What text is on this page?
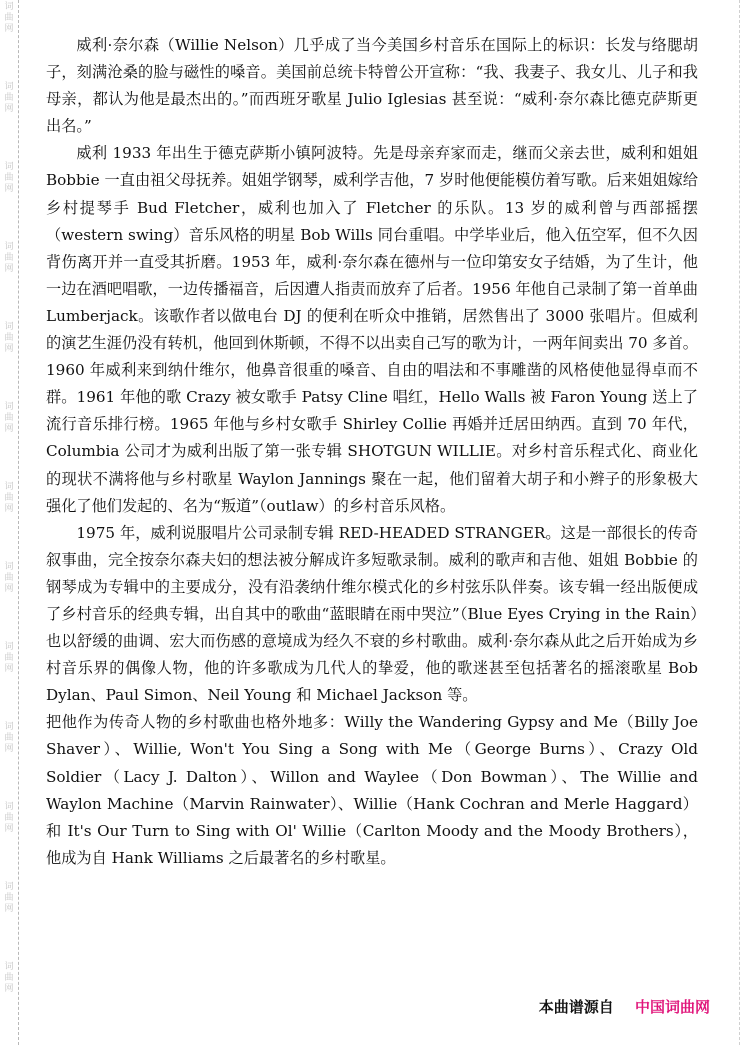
词曲网
词曲网
词曲网
词曲网
词曲网
词曲网
词曲网
词曲网
词曲网
词曲网
词曲网
词曲网
词曲网

威利·奈尔森（Willie Nelson）几乎成了当今美国乡村音乐在国际上的标识：长发与络腮胡子，刻满沧桑的脸与磁性的嗓音。美国前总统卡特曾公开宣称：“我、我妻子、我女儿、儿子和我母亲，都认为他是最杰出的。”而西班牙歌星 Julio Iglesias 甚至说：“威利·奈尔森比德克萨斯更出名。”

威利 1933 年出生于德克萨斯小镇阿波特。先是母亲弃家而走，继而父亲去世，威利和姐姐 Bobbie 一直由祖父母抚养。姐姐学钢琴，威利学吉他，7 岁时他便能模仿着写歌。后来姐姐嫁给乡村提琴手 Bud Fletcher，威利也加入了 Fletcher 的乐队。13 岁的威利曾与西部摇摆（western swing）音乐风格的明星 Bob Wills 同台重唱。中学毕业后，他入伍空军，但不久因背伤离开并一直受其折磨。1953 年，威利·奈尔森在德州与一位印第安女子结婚，为了生计，他一边在酒吧唱歌，一边传播福音，后因遭人指责而放弃了后者。1956 年他自己录制了第一首单曲 Lumberjack。该歌作者以做电台 DJ 的便利在听众中推销，居然售出了 3000 张唱片。但威利的演艺生涯仍没有转机，他回到休斯顿，不得不以出卖自己写的歌为计，一两年间卖出 70 多首。1960 年威利来到纳什维尔，他鼻音很重的嗓音、自由的唱法和不事雕凿的风格使他显得卓而不群。1961 年他的歌 Crazy 被女歌手 Patsy Cline 唱红，Hello Walls 被 Faron Young 送上了流行音乐排行榜。1965 年他与乡村女歌手 Shirley Collie 再婚并迁居田纳西。直到 70 年代，Columbia 公司才为威利出版了第一张专辑 SHOTGUN WILLIE。对乡村音乐程式化、商业化的现状不满将他与乡村歌星 Waylon Jannings 聚在一起，他们留着大胡子和小辫子的形象极大强化了他们发起的、名为“叛道”（outlaw）的乡村音乐风格。

1975 年，威利说服唱片公司录制专辑 RED-HEADED STRANGER。这是一部很长的传奇叙事曲，完全按奈尔森夫妇的想法被分解成许多短歌录制。威利的歌声和吉他、姐姐 Bobbie 的钢琴成为专辑中的主要成分，没有沿袭纳什维尔模式化的乡村弦乐队伴奏。该专辑一经出版便成了乡村音乐的经典专辑，出自其中的歌曲“蓝眼睛在雨中哭泣”（Blue Eyes Crying in the Rain）也以舒缓的曲调、宏大而伤感的意境成为经久不衰的乡村歌曲。威利·奈尔森从此之后开始成为乡村音乐界的偶像人物，他的许多歌成为几代人的挚爱，他的歌迷甚至包括著名的摇滚歌星 Bob Dylan、Paul Simon、Neil Young 和 Michael Jackson 等。

把他作为传奇人物的乡村歌曲也格外地多：Willy the Wandering Gypsy and Me（Billy Joe Shaver）、Willie, Won't You Sing a Song with Me（George Burns）、Crazy Old Soldier（Lacy J. Dalton）、Willon and Waylee（Don Bowman）、The Willie and Waylon Machine（Marvin Rainwater）、Willie（Hank Cochran and Merle Haggard）和 It's Our Turn to Sing with Ol' Willie（Carlton Moody and the Moody Brothers），他成为自 Hank Williams 之后最著名的乡村歌星。

本曲谱源自 中国词曲网
